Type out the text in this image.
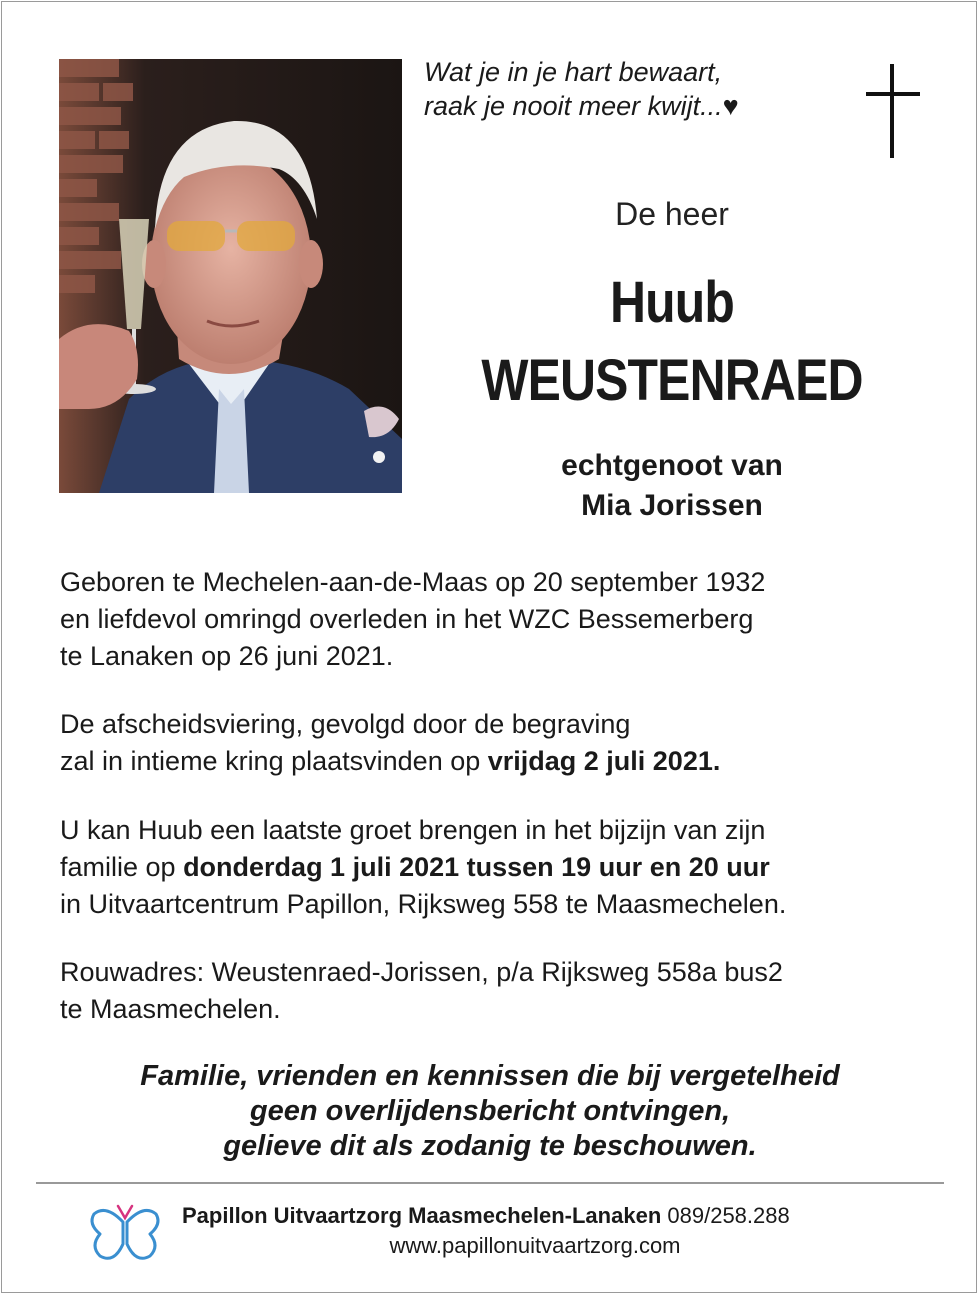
Wat je in je hart bewaart,
raak je nooit meer kwijt...♥
De heer
Huub
WEUSTENRAED
echtgenoot van
Mia Jorissen
Geboren te Mechelen-aan-de-Maas op 20 september 1932
en liefdevol omringd overleden in het WZC Bessemerberg
te Lanaken op 26 juni 2021.
De afscheidsviering, gevolgd door de begraving
zal in intieme kring plaatsvinden op vrijdag 2 juli 2021.
U kan Huub een laatste groet brengen in het bijzijn van zijn
familie op donderdag 1 juli 2021 tussen 19 uur en 20 uur
in Uitvaartcentrum Papillon, Rijksweg 558 te Maasmechelen.
Rouwadres: Weustenraed-Jorissen, p/a Rijksweg 558a bus2
te Maasmechelen.
Familie, vrienden en kennissen die bij vergetelheid
geen overlijdensbericht ontvingen,
gelieve dit als zodanig te beschouwen.
Papillon Uitvaartzorg Maasmechelen-Lanaken 089/258.288
www.papillonuitvaartzorg.com
